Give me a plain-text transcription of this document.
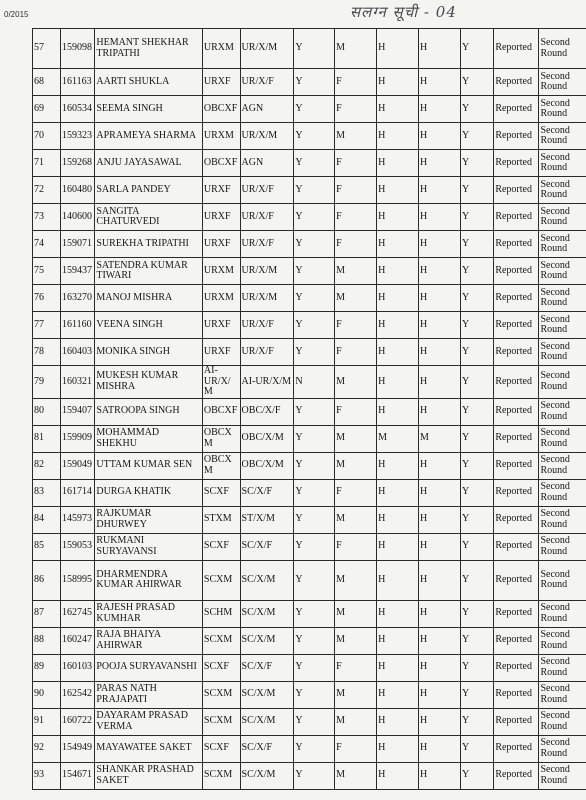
0/2015	सलग्न सूची - 04
57	159098	HEMANT SHEKHAR TRIPATHI	URXM	UR/X/M	Y	M	H	H	Y	Reported	Second Round
68	161163	AARTI SHUKLA	URXF	UR/X/F	Y	F	H	H	Y	Reported	Second Round
69	160534	SEEMA SINGH	OBCXF	AGN	Y	F	H	H	Y	Reported	Second Round
70	159323	APRAMEYA SHARMA	URXM	UR/X/M	Y	M	H	H	Y	Reported	Second Round
71	159268	ANJU JAYASAWAL	OBCXF	AGN	Y	F	H	H	Y	Reported	Second Round
72	160480	SARLA PANDEY	URXF	UR/X/F	Y	F	H	H	Y	Reported	Second Round
73	140600	SANGITA CHATURVEDI	URXF	UR/X/F	Y	F	H	H	Y	Reported	Second Round
74	159071	SUREKHA TRIPATHI	URXF	UR/X/F	Y	F	H	H	Y	Reported	Second Round
75	159437	SATENDRA KUMAR TIWARI	URXM	UR/X/M	Y	M	H	H	Y	Reported	Second Round
76	163270	MANOJ MISHRA	URXM	UR/X/M	Y	M	H	H	Y	Reported	Second Round
77	161160	VEENA SINGH	URXF	UR/X/F	Y	F	H	H	Y	Reported	Second Round
78	160403	MONIKA SINGH	URXF	UR/X/F	Y	F	H	H	Y	Reported	Second Round
79	160321	MUKESH KUMAR MISHRA	AI-UR/X/M	AI-UR/X/M	N	M	H	H	Y	Reported	Second Round
80	159407	SATROOPA SINGH	OBCXF	OBC/X/F	Y	F	H	H	Y	Reported	Second Round
81	159909	MOHAMMAD SHEKHU	OBCXM	OBC/X/M	Y	M	M	M	Y	Reported	Second Round
82	159049	UTTAM KUMAR SEN	OBCXM	OBC/X/M	Y	M	H	H	Y	Reported	Second Round
83	161714	DURGA KHATIK	SCXF	SC/X/F	Y	F	H	H	Y	Reported	Second Round
84	145973	RAJKUMAR DHURWEY	STXM	ST/X/M	Y	M	H	H	Y	Reported	Second Round
85	159053	RUKMANI SURYAVANSI	SCXF	SC/X/F	Y	F	H	H	Y	Reported	Second Round
86	158995	DHARMENDRA KUMAR AHIRWAR	SCXM	SC/X/M	Y	M	H	H	Y	Reported	Second Round
87	162745	RAJESH PRASAD KUMHAR	SCHM	SC/X/M	Y	M	H	H	Y	Reported	Second Round
88	160247	RAJA BHAIYA AHIRWAR	SCXM	SC/X/M	Y	M	H	H	Y	Reported	Second Round
89	160103	POOJA SURYAVANSHI	SCXF	SC/X/F	Y	F	H	H	Y	Reported	Second Round
90	162542	PARAS NATH PRAJAPATI	SCXM	SC/X/M	Y	M	H	H	Y	Reported	Second Round
91	160722	DAYARAM PRASAD VERMA	SCXM	SC/X/M	Y	M	H	H	Y	Reported	Second Round
92	154949	MAYAWATEE SAKET	SCXF	SC/X/F	Y	F	H	H	Y	Reported	Second Round
93	154671	SHANKAR PRASHAD SAKET	SCXM	SC/X/M	Y	M	H	H	Y	Reported	Second Round
